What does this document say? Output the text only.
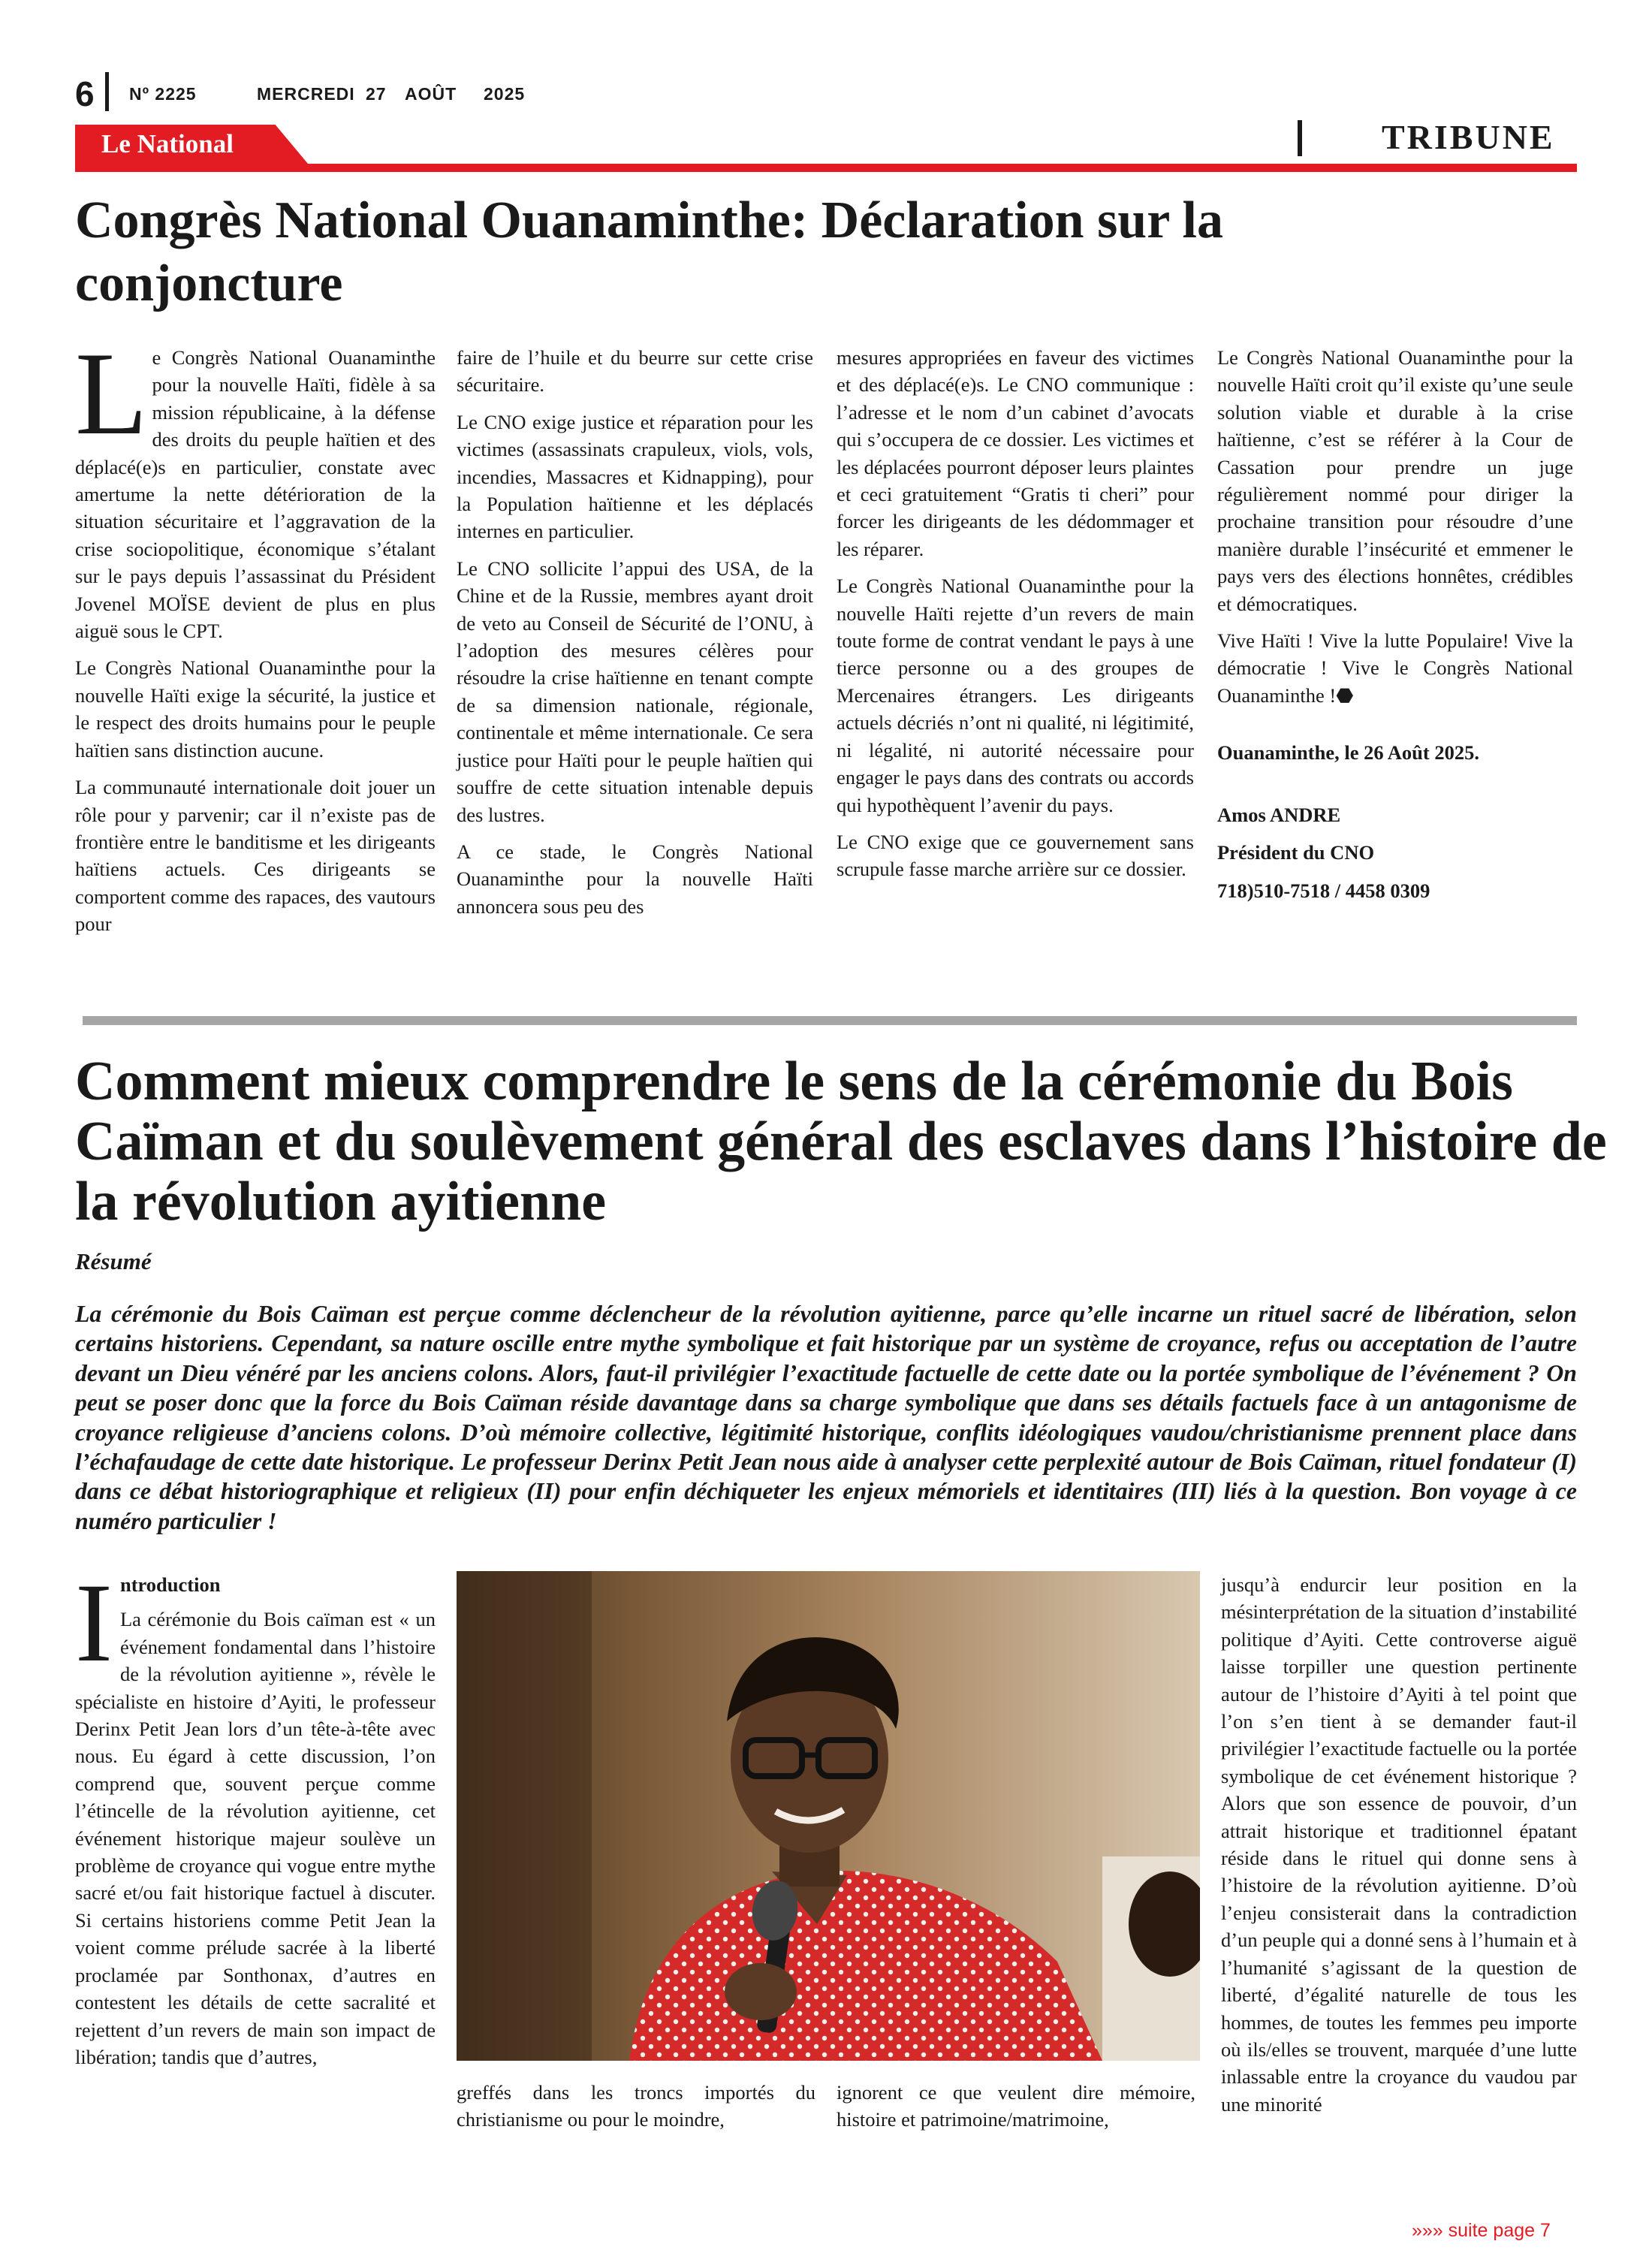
6 Nº 2225	MERCREDI 27 AOÛT 2025
Le National	TRIBUNE
Congrès National Ouanaminthe: Déclaration sur la conjoncture

Le Congrès National Ouanaminthe pour la nouvelle Haïti, fidèle à sa mission républicaine, à la défense des droits du peuple haïtien et des déplacé(e)s en particulier, constate avec amertume la nette détérioration de la situation sécuritaire et l’aggravation de la crise sociopolitique, économique s’étalant sur le pays depuis l’assassinat du Président Jovenel MOÏSE devient de plus en plus aiguë sous le CPT.

Le Congrès National Ouanaminthe pour la nouvelle Haïti exige la sécurité, la justice et le respect des droits humains pour le peuple haïtien sans distinction aucune.

La communauté internationale doit jouer un rôle pour y parvenir; car il n’existe pas de frontière entre le banditisme et les dirigeants haïtiens actuels. Ces dirigeants se comportent comme des rapaces, des vautours pour

faire de l’huile et du beurre sur cette crise sécuritaire.

Le CNO exige justice et réparation pour les victimes (assassinats crapuleux, viols, vols, incendies, Massacres et Kidnapping), pour la Population haïtienne et les déplacés internes en particulier.

Le CNO sollicite l’appui des USA, de la Chine et de la Russie, membres ayant droit de veto au Conseil de Sécurité de l’ONU, à l’adoption des mesures célères pour résoudre la crise haïtienne en tenant compte de sa dimension nationale, régionale, continentale et même internationale. Ce sera justice pour Haïti pour le peuple haïtien qui souffre de cette situation intenable depuis des lustres.

A ce stade, le Congrès National Ouanaminthe pour la nouvelle Haïti annoncera sous peu des

mesures appropriées en faveur des victimes et des déplacé(e)s. Le CNO communique : l’adresse et le nom d’un cabinet d’avocats qui s’occupera de ce dossier. Les victimes et les déplacées pourront déposer leurs plaintes et ceci gratuitement “Gratis ti cheri” pour forcer les dirigeants de les dédommager et les réparer.

Le Congrès National Ouanaminthe pour la nouvelle Haïti rejette d’un revers de main toute forme de contrat vendant le pays à une tierce personne ou a des groupes de Mercenaires étrangers. Les dirigeants actuels décriés n’ont ni qualité, ni légitimité, ni légalité, ni autorité nécessaire pour engager le pays dans des contrats ou accords qui hypothèquent l’avenir du pays.

Le CNO exige que ce gouvernement sans scrupule fasse marche arrière sur ce dossier.

Le Congrès National Ouanaminthe pour la nouvelle Haïti croit qu’il existe qu’une seule solution viable et durable à la crise haïtienne, c’est se référer à la Cour de Cassation pour prendre un juge régulièrement nommé pour diriger la prochaine transition pour résoudre d’une manière durable l’insécurité et emmener le pays vers des élections honnêtes, crédibles et démocratiques.

Vive Haïti ! Vive la lutte Populaire! Vive la démocratie ! Vive le Congrès National Ouanaminthe !⬣

Ouanaminthe, le 26 Août 2025.

Amos ANDRE

Président du CNO

718)510-7518 / 4458 0309

Comment mieux comprendre le sens de la cérémonie du Bois Caïman et du soulèvement général des esclaves dans l’histoire de la révolution ayitienne
Résumé
La cérémonie du Bois Caïman est perçue comme déclencheur de la révolution ayitienne, parce qu’elle incarne un rituel sacré de libération, selon certains historiens. Cependant, sa nature oscille entre mythe symbolique et fait historique par un système de croyance, refus ou acceptation de l’autre devant un Dieu vénéré par les anciens colons. Alors, faut-il privilégier l’exactitude factuelle de cette date ou la portée symbolique de l’événement ? On peut se poser donc que la force du Bois Caïman réside davantage dans sa charge symbolique que dans ses détails factuels face à un antagonisme de croyance religieuse d’anciens colons. D’où mémoire collective, légitimité historique, conflits idéologiques vaudou/christianisme prennent place dans l’échafaudage de cette date historique. Le professeur Derinx Petit Jean nous aide à analyser cette perplexité autour de Bois Caïman, rituel fondateur (I) dans ce débat historiographique et religieux (II) pour enfin déchiqueter les enjeux mémoriels et identitaires (III) liés à la question. Bon voyage à ce numéro particulier !

I ntroduction
La cérémonie du Bois caïman est « un événement fondamental dans l’histoire de la révolution ayitienne », révèle le spécialiste en histoire d’Ayiti, le professeur Derinx Petit Jean lors d’un tête-à-tête avec nous. Eu égard à cette discussion, l’on comprend que, souvent perçue comme l’étincelle de la révolution ayitienne, cet événement historique majeur soulève un problème de croyance qui vogue entre mythe sacré et/ou fait historique factuel à discuter. Si certains historiens comme Petit Jean la voient comme prélude sacrée à la liberté proclamée par Sonthonax, d’autres en contestent les détails de cette sacralité et rejettent d’un revers de main son impact de libération; tandis que d’autres,

greffés dans les troncs importés du christianisme ou pour le moindre,

ignorent ce que veulent dire mémoire, histoire et patrimoine/matrimoine,

jusqu’à endurcir leur position en la mésinterprétation de la situation d’instabilité politique d’Ayiti. Cette controverse aiguë laisse torpiller une question pertinente autour de l’histoire d’Ayiti à tel point que l’on s’en tient à se demander faut-il privilégier l’exactitude factuelle ou la portée symbolique de cet événement historique ? Alors que son essence de pouvoir, d’un attrait historique et traditionnel épatant réside dans le rituel qui donne sens à l’histoire de la révolution ayitienne. D’où l’enjeu consisterait dans la contradiction d’un peuple qui a donné sens à l’humain et à l’humanité s’agissant de la question de liberté, d’égalité naturelle de tous les hommes, de toutes les femmes peu importe où ils/elles se trouvent, marquée d’une lutte inlassable entre la croyance du vaudou par une minorité

»»» suite page 7
